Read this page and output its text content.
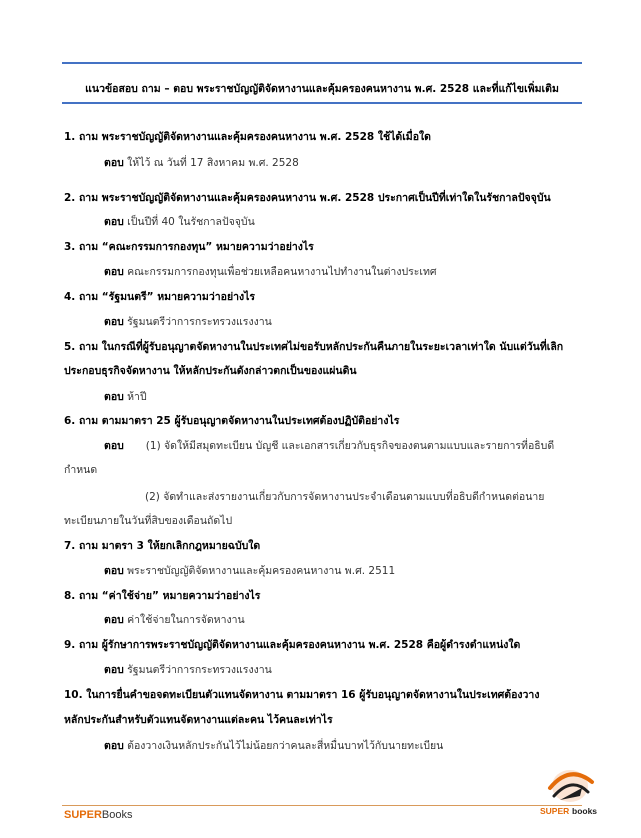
แนวข้อสอบ ถาม – ตอบ พระราชบัญญัติจัดหางานและคุ้มครองคนหางาน พ.ศ. 2528 และที่แก้ไขเพิ่มเติม
1. ถาม พระราชบัญญัติจัดหางานและคุ้มครองคนหางาน พ.ศ. 2528 ใช้ได้เมื่อใด
ตอบ ให้ไว้ ณ วันที่ 17 สิงหาคม พ.ศ. 2528
2. ถาม พระราชบัญญัติจัดหางานและคุ้มครองคนหางาน พ.ศ. 2528 ประกาศเป็นปีที่เท่าใดในรัชกาลปัจจุบัน
ตอบ เป็นปีที่ 40 ในรัชกาลปัจจุบัน
3. ถาม “คณะกรรมการกองทุน” หมายความว่าอย่างไร
ตอบ คณะกรรมการกองทุนเพื่อช่วยเหลือคนหางานไปทำงานในต่างประเทศ
4. ถาม “รัฐมนตรี” หมายความว่าอย่างไร
ตอบ รัฐมนตรีว่าการกระทรวงแรงงาน
5. ถาม ในกรณีที่ผู้รับอนุญาตจัดหางานในประเทศไม่ขอรับหลักประกันคืนภายในระยะเวลาเท่าใด นับแต่วันที่เลิก
ประกอบธุรกิจจัดหางาน ให้หลักประกันดังกล่าวตกเป็นของแผ่นดิน
ตอบ ห้าปี
6. ถาม ตามมาตรา 25 ผู้รับอนุญาตจัดหางานในประเทศต้องปฏิบัติอย่างไร
ตอบ (1) จัดให้มีสมุดทะเบียน บัญชี และเอกสารเกี่ยวกับธุรกิจของตนตามแบบและรายการที่อธิบดี
กำหนด
(2) จัดทำและส่งรายงานเกี่ยวกับการจัดหางานประจำเดือนตามแบบที่อธิบดีกำหนดต่อนาย
ทะเบียนภายในวันที่สิบของเดือนถัดไป
7. ถาม มาตรา 3 ให้ยกเลิกกฎหมายฉบับใด
ตอบ พระราชบัญญัติจัดหางานและคุ้มครองคนหางาน พ.ศ. 2511
8. ถาม “ค่าใช้จ่าย” หมายความว่าอย่างไร
ตอบ ค่าใช้จ่ายในการจัดหางาน
9. ถาม ผู้รักษาการพระราชบัญญัติจัดหางานและคุ้มครองคนหางาน พ.ศ. 2528 คือผู้ดำรงตำแหน่งใด
ตอบ รัฐมนตรีว่าการกระทรวงแรงงาน
10. ในการยื่นคำขอจดทะเบียนตัวแทนจัดหางาน ตามมาตรา 16 ผู้รับอนุญาตจัดหางานในประเทศต้องวาง
หลักประกันสำหรับตัวแทนจัดหางานแต่ละคน ไว้คนละเท่าไร
ตอบ ต้องวางเงินหลักประกันไว้ไม่น้อยกว่าคนละสี่หมื่นบาทไว้กับนายทะเบียน
SUPERBooks	SUPER books
